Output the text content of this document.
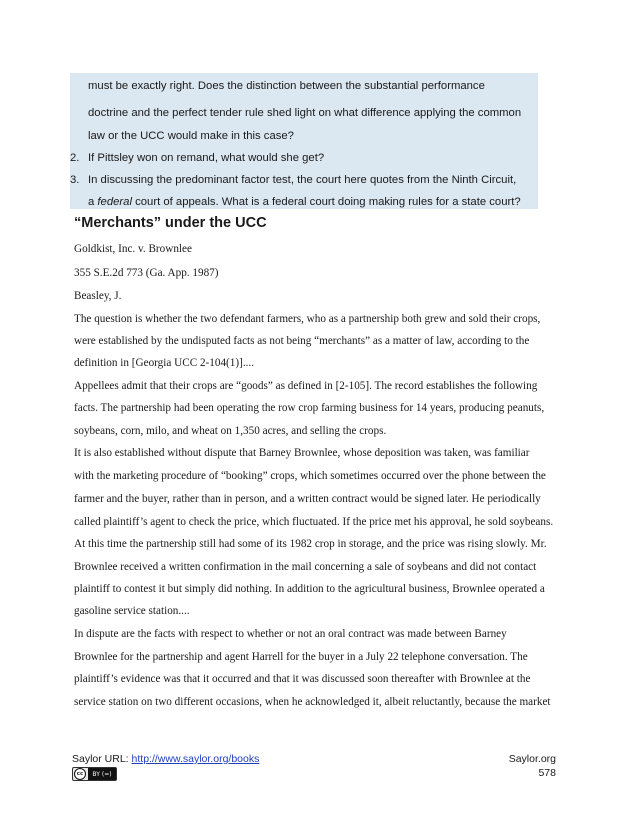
must be exactly right. Does the distinction between the substantial performance
doctrine and the perfect tender rule shed light on what difference applying the common
law or the UCC would make in this case?
2. If Pittsley won on remand, what would she get?
3. In discussing the predominant factor test, the court here quotes from the Ninth Circuit,
a federal court of appeals. What is a federal court doing making rules for a state court?
“Merchants” under the UCC
Goldkist, Inc. v. Brownlee
355 S.E.2d 773 (Ga. App. 1987)
Beasley, J.
The question is whether the two defendant farmers, who as a partnership both grew and sold their crops,
were established by the undisputed facts as not being “merchants” as a matter of law, according to the
definition in [Georgia UCC 2-104(1)]....
Appellees admit that their crops are “goods” as defined in [2-105]. The record establishes the following
facts. The partnership had been operating the row crop farming business for 14 years, producing peanuts,
soybeans, corn, milo, and wheat on 1,350 acres, and selling the crops.
It is also established without dispute that Barney Brownlee, whose deposition was taken, was familiar
with the marketing procedure of “booking” crops, which sometimes occurred over the phone between the
farmer and the buyer, rather than in person, and a written contract would be signed later. He periodically
called plaintiff’s agent to check the price, which fluctuated. If the price met his approval, he sold soybeans.
At this time the partnership still had some of its 1982 crop in storage, and the price was rising slowly. Mr.
Brownlee received a written confirmation in the mail concerning a sale of soybeans and did not contact
plaintiff to contest it but simply did nothing. In addition to the agricultural business, Brownlee operated a
gasoline service station....
In dispute are the facts with respect to whether or not an oral contract was made between Barney
Brownlee for the partnership and agent Harrell for the buyer in a July 22 telephone conversation. The
plaintiff’s evidence was that it occurred and that it was discussed soon thereafter with Brownlee at the
service station on two different occasions, when he acknowledged it, albeit reluctantly, because the market
Saylor URL: http://www.saylor.org/books	Saylor.org
578
cc	BY (=)
